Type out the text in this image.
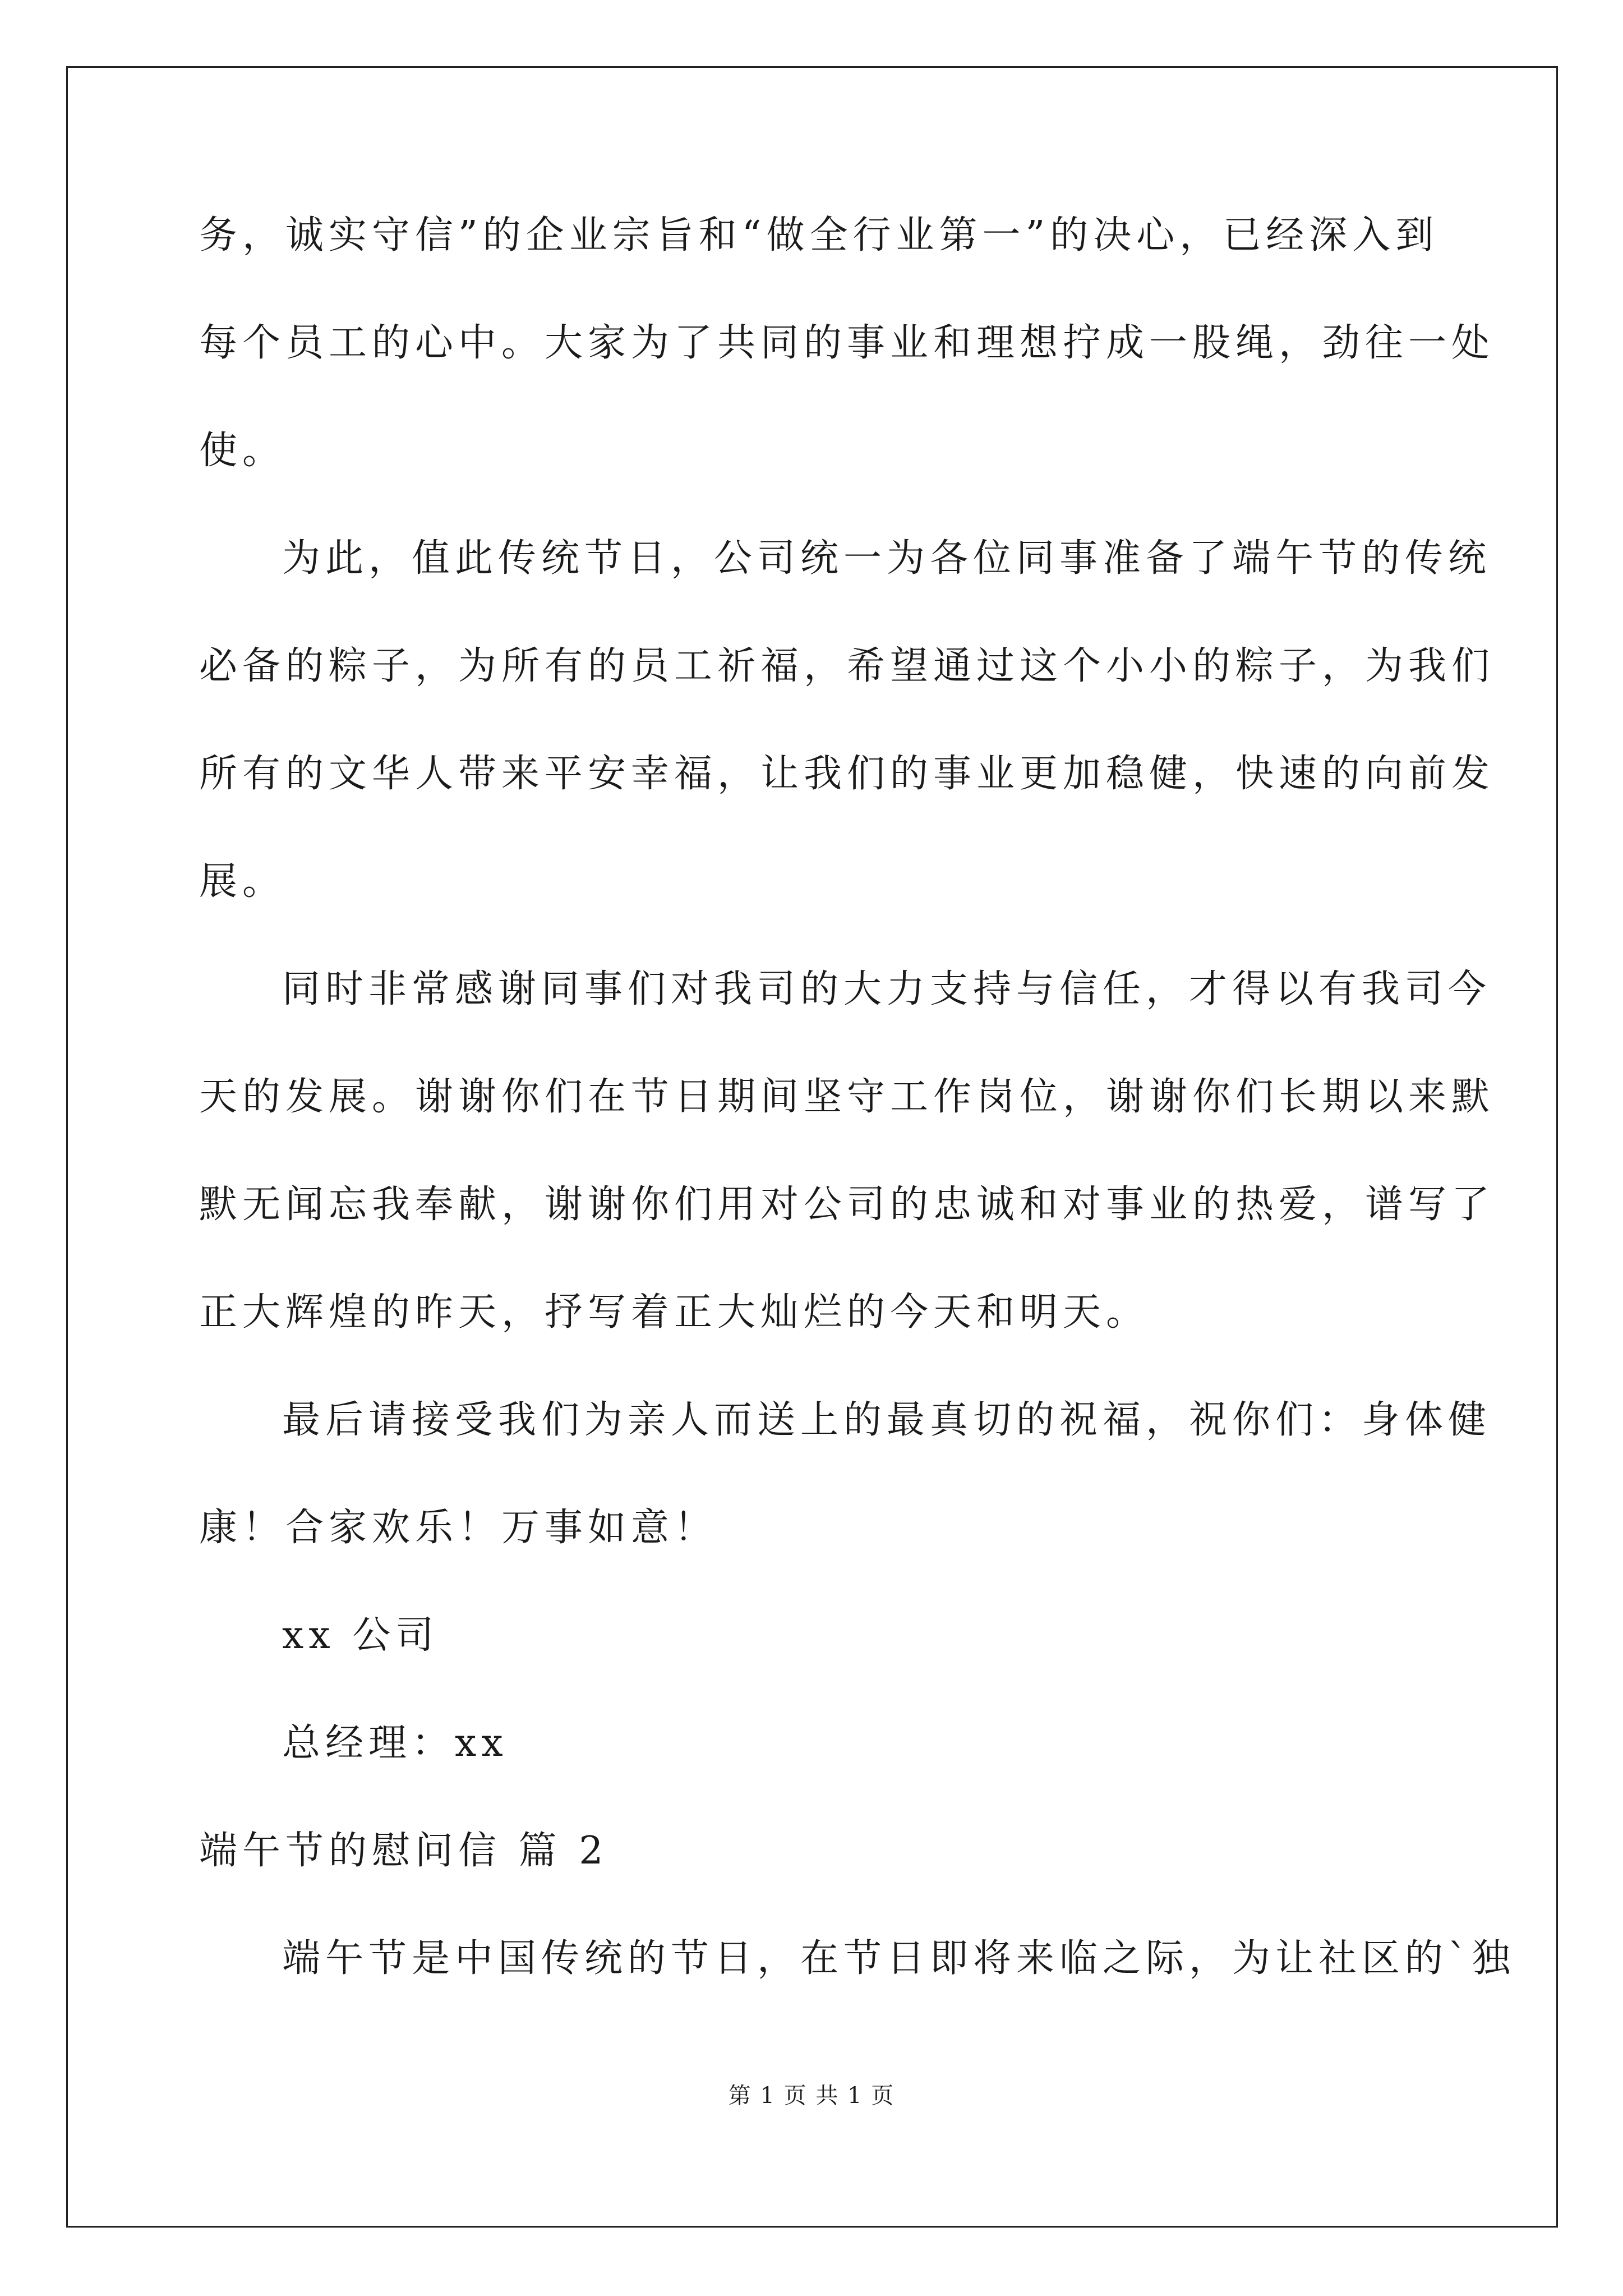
务，诚实守信”的企业宗旨和“做全行业第一”的决心，已经深入到
每个员工的心中。大家为了共同的事业和理想拧成一股绳，劲往一处
使。
为此，值此传统节日，公司统一为各位同事准备了端午节的传统
必备的粽子，为所有的员工祈福，希望通过这个小小的粽子，为我们
所有的文华人带来平安幸福，让我们的事业更加稳健，快速的向前发
展。
同时非常感谢同事们对我司的大力支持与信任，才得以有我司今
天的发展。谢谢你们在节日期间坚守工作岗位，谢谢你们长期以来默
默无闻忘我奉献，谢谢你们用对公司的忠诚和对事业的热爱，谱写了
正大辉煌的昨天，抒写着正大灿烂的今天和明天。
最后请接受我们为亲人而送上的最真切的祝福，祝你们：身体健
康！合家欢乐！万事如意！
xx 公司
总经理：xx
端午节的慰问信 篇 2
端午节是中国传统的节日，在节日即将来临之际，为让社区的`独
第 1 页 共 1 页
